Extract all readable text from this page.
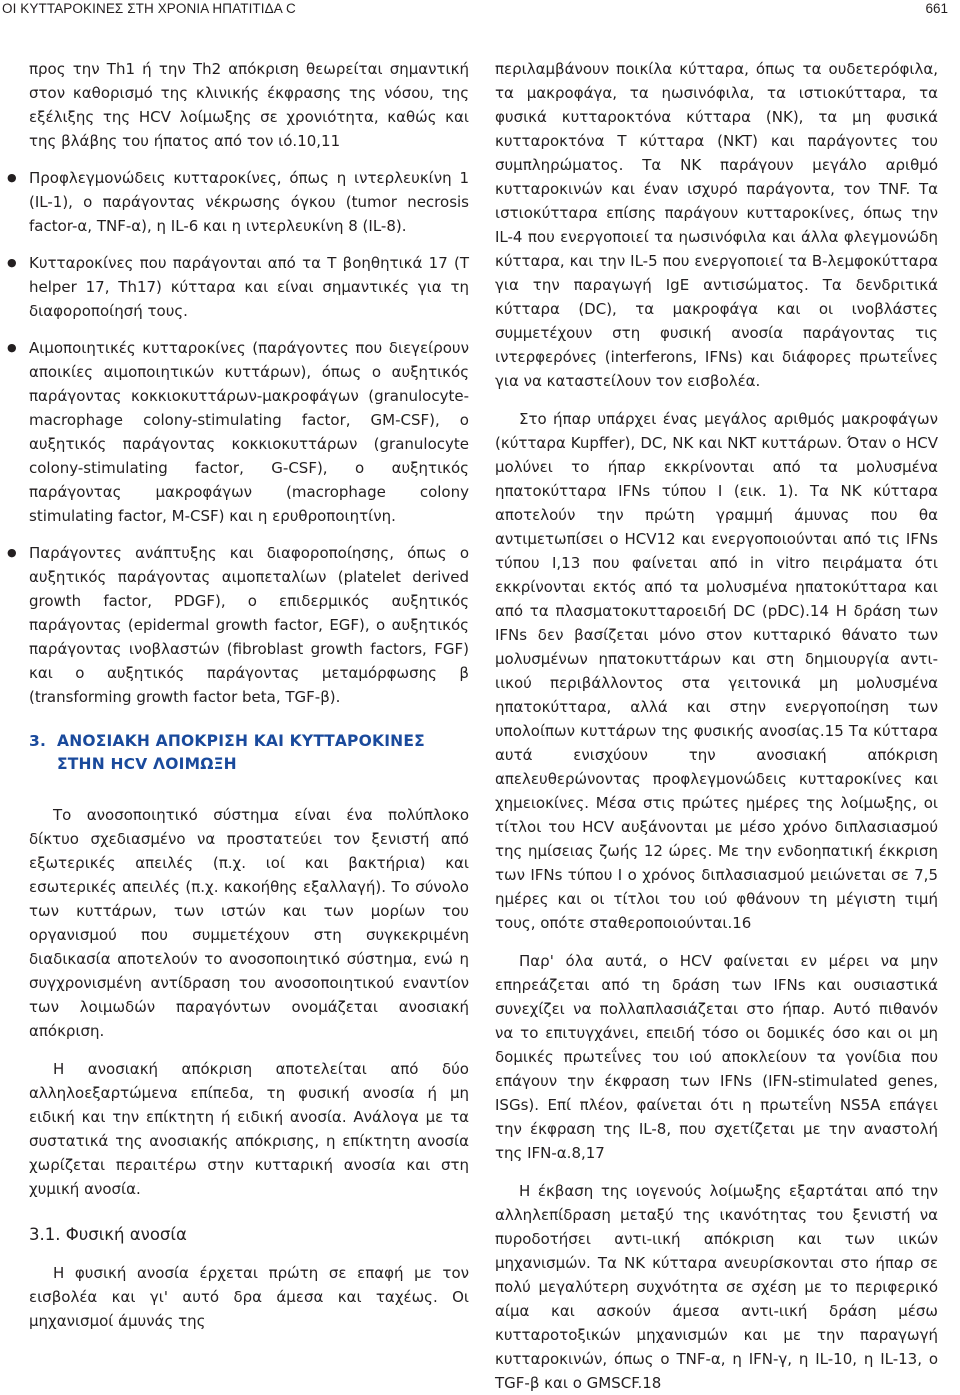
ΟΙ ΚΥΤΤΑΡΟΚΙΝΕΣ ΣΤΗ ΧΡΟΝΙΑ ΗΠΑΤΙΤΙΔΑ C	661

προς την Th1 ή την Th2 απόκριση θεωρείται σημαντική στον καθορισμό της κλινικής έκφρασης της νόσου, της εξέλιξης της HCV λοίμωξης σε χρονιότητα, καθώς και της βλάβης του ήπατος από τον ιό.10,11

● Προφλεγμονώδεις κυτταροκίνες, όπως η ιντερλευκίνη 1 (IL-1), ο παράγοντας νέκρωσης όγκου (tumor necrosis factor-α, TNF-α), η IL-6 και η ιντερλευκίνη 8 (IL-8).
● Κυτταροκίνες που παράγονται από τα Τ βοηθητικά 17 (T helper 17, Th17) κύτταρα και είναι σημαντικές για τη διαφοροποίησή τους.
● Αιμοποιητικές κυτταροκίνες (παράγοντες που διεγείρουν αποικίες αιμοποιητικών κυττάρων), όπως ο αυξητικός παράγοντας κοκκιοκυττάρων-μακροφάγων (granulocyte-macrophage colony-stimulating factor, GM-CSF), ο αυξητικός παράγοντας κοκκιοκυττάρων (granulocyte colony-stimulating factor, G-CSF), ο αυξητικός παράγοντας μακροφάγων (macrophage colony stimulating factor, M-CSF) και η ερυθροποιητίνη.
● Παράγοντες ανάπτυξης και διαφοροποίησης, όπως ο αυξητικός παράγοντας αιμοπεταλίων (platelet derived growth factor, PDGF), ο επιδερμικός αυξητικός παράγοντας (epidermal growth factor, EGF), ο αυξητικός παράγοντας ινοβλαστών (fibroblast growth factors, FGF) και ο αυξητικός παράγοντας μεταμόρφωσης β (transforming growth factor beta, TGF-β).
3. ΑΝΟΣΙΑΚΗ ΑΠΟΚΡΙΣΗ ΚΑΙ ΚΥΤΤΑΡΟΚΙΝΕΣ
ΣΤΗΝ HCV ΛΟΙΜΩΞΗ

Το ανοσοποιητικό σύστημα είναι ένα πολύπλοκο δίκτυο σχεδιασμένο να προστατεύει τον ξενιστή από εξωτερικές απειλές (π.χ. ιοί και βακτήρια) και εσωτερικές απειλές (π.χ. κακοήθης εξαλλαγή). Το σύνολο των κυττάρων, των ιστών και των μορίων του οργανισμού που συμμετέχουν στη συγκεκριμένη διαδικασία αποτελούν το ανοσοποιητικό σύστημα, ενώ η συγχρονισμένη αντίδραση του ανοσοποιητικού εναντίον των λοιμωδών παραγόντων ονομάζεται ανοσιακή απόκριση.

Η ανοσιακή απόκριση αποτελείται από δύο αλληλοεξαρτώμενα επίπεδα, τη φυσική ανοσία ή μη ειδική και την επίκτητη ή ειδική ανοσία. Ανάλογα με τα συστατικά της ανοσιακής απόκρισης, η επίκτητη ανοσία χωρίζεται περαιτέρω στην κυτταρική ανοσία και στη χυμική ανοσία.

3.1. Φυσική ανοσία

Η φυσική ανοσία έρχεται πρώτη σε επαφή με τον εισβολέα και γι' αυτό δρα άμεσα και ταχέως. Οι μηχανισμοί άμυνάς της

περιλαμβάνουν ποικίλα κύτταρα, όπως τα ουδετερόφιλα, τα μακροφάγα, τα ηωσινόφιλα, τα ιστιοκύτταρα, τα φυσικά κυτταροκτόνα κύτταρα (NK), τα μη φυσικά κυτταροκτόνα T κύτταρα (NKT) και παράγοντες του συμπληρώματος. Τα NK παράγουν μεγάλο αριθμό κυτταροκινών και έναν ισχυρό παράγοντα, τον TNF. Τα ιστιοκύτταρα επίσης παράγουν κυτταροκίνες, όπως την IL-4 που ενεργοποιεί τα ηωσινόφιλα και άλλα φλεγμονώδη κύτταρα, και την IL-5 που ενεργοποιεί τα B-λεμφοκύτταρα για την παραγωγή IgE αντισώματος. Τα δενδριτικά κύτταρα (DC), τα μακροφάγα και οι ινοβλάστες συμμετέχουν στη φυσική ανοσία παράγοντας τις ιντερφερόνες (interferons, IFNs) και διάφορες πρωτεΐνες για να καταστείλουν τον εισβολέα.

Στο ήπαρ υπάρχει ένας μεγάλος αριθμός μακροφάγων (κύτταρα Kupffer), DC, NK και NKT κυττάρων. Όταν ο HCV μολύνει το ήπαρ εκκρίνονται από τα μολυσμένα ηπατοκύτταρα IFNs τύπου I (εικ. 1). Τα NK κύτταρα αποτελούν την πρώτη γραμμή άμυνας που θα αντιμετωπίσει ο HCV12 και ενεργοποιούνται από τις IFNs τύπου I,13 που φαίνεται από in vitro πειράματα ότι εκκρίνονται εκτός από τα μολυσμένα ηπατοκύτταρα και από τα πλασματοκυτταροειδή DC (pDC).14 Η δράση των IFNs δεν βασίζεται μόνο στον κυτταρικό θάνατο των μολυσμένων ηπατοκυττάρων και στη δημιουργία αντι-ιικού περιβάλλοντος στα γειτονικά μη μολυσμένα ηπατοκύτταρα, αλλά και στην ενεργοποίηση των υπολοίπων κυττάρων της φυσικής ανοσίας.15 Τα κύτταρα αυτά ενισχύουν την ανοσιακή απόκριση απελευθερώνοντας προφλεγμονώδεις κυτταροκίνες και χημειοκίνες. Μέσα στις πρώτες ημέρες της λοίμωξης, οι τίτλοι του HCV αυξάνονται με μέσο χρόνο διπλασιασμού της ημίσειας ζωής 12 ώρες. Με την ενδοηπατική έκκριση των IFNs τύπου I ο χρόνος διπλασιασμού μειώνεται σε 7,5 ημέρες και οι τίτλοι του ιού φθάνουν τη μέγιστη τιμή τους, οπότε σταθεροποιούνται.16

Παρ' όλα αυτά, ο HCV φαίνεται εν μέρει να μην επηρεάζεται από τη δράση των IFNs και ουσιαστικά συνεχίζει να πολλαπλασιάζεται στο ήπαρ. Αυτό πιθανόν να το επιτυγχάνει, επειδή τόσο οι δομικές όσο και οι μη δομικές πρωτεΐνες του ιού αποκλείουν τα γονίδια που επάγουν την έκφραση των IFNs (IFN-stimulated genes, ISGs). Επί πλέον, φαίνεται ότι η πρωτεΐνη NS5A επάγει την έκφραση της IL-8, που σχετίζεται με την αναστολή της IFN-α.8,17

Η έκβαση της ιογενούς λοίμωξης εξαρτάται από την αλληλεπίδραση μεταξύ της ικανότητας του ξενιστή να πυροδοτήσει αντι-ιική απόκριση και των ιικών μηχανισμών. Τα NK κύτταρα ανευρίσκονται στο ήπαρ σε πολύ μεγαλύτερη συχνότητα σε σχέση με το περιφερικό αίμα και ασκούν άμεσα αντι-ιική δράση μέσω κυτταροτοξικών μηχανισμών και με την παραγωγή κυτταροκινών, όπως ο TNF-α, η IFN-γ, η IL-10, η IL-13, ο TGF-β και ο GMSCF.18
